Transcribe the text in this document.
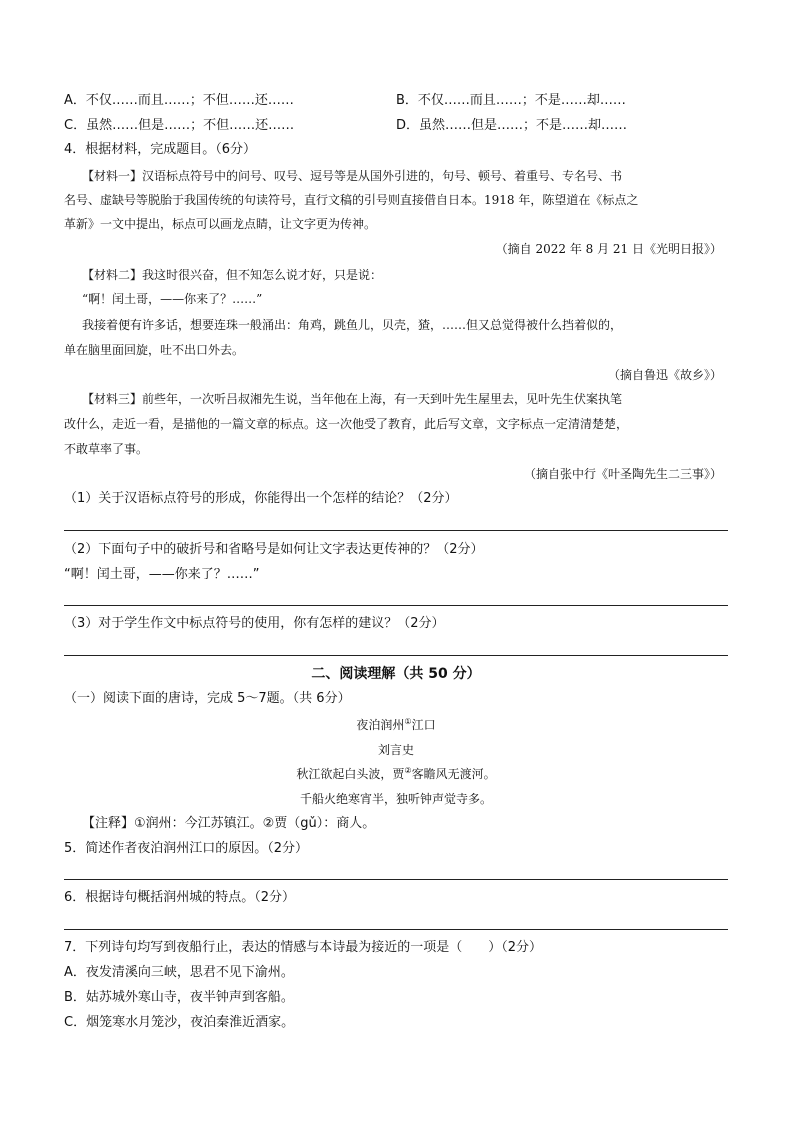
A．不仅……而且……；不但……还……	B．不仅……而且……；不是……却……
C．虽然……但是……；不但……还……	D．虽然……但是……；不是……却……
4．根据材料，完成题目。（6分）
【材料一】汉语标点符号中的问号、叹号、逗号等是从国外引进的，句号、顿号、着重号、专名号、书
名号、虚缺号等脱胎于我国传统的句读符号，直行文稿的引号则直接借自日本。1918 年，陈望道在《标点之
革新》一文中提出，标点可以画龙点睛，让文字更为传神。
（摘自 2022 年 8 月 21 日《光明日报》）
【材料二】我这时很兴奋，但不知怎么说才好，只是说：
“啊！闰土哥，——你来了？……”
我接着便有许多话，想要连珠一般涌出：角鸡，跳鱼儿，贝壳，猹，……但又总觉得被什么挡着似的，
单在脑里面回旋，吐不出口外去。
（摘自鲁迅《故乡》）
【材料三】前些年，一次听吕叔湘先生说，当年他在上海，有一天到叶先生屋里去，见叶先生伏案执笔
改什么，走近一看，是描他的一篇文章的标点。这一次他受了教育，此后写文章，文字标点一定清清楚楚，
不敢草率了事。
（摘自张中行《叶圣陶先生二三事》）
（1）关于汉语标点符号的形成，你能得出一个怎样的结论？（2分）
（2）下面句子中的破折号和省略号是如何让文字表达更传神的？（2分）
“啊！闰土哥，——你来了？……”
（3）对于学生作文中标点符号的使用，你有怎样的建议？（2分）
二、阅读理解（共 50 分）
（一）阅读下面的唐诗，完成 5～7题。（共 6分）
夜泊润州①江口
刘言史
秋江欲起白头波，贾②客瞻风无渡河。
千船火绝寒宵半，独听钟声觉寺多。
【注释】①润州：今江苏镇江。②贾（gǔ）：商人。
5．简述作者夜泊润州江口的原因。（2分）
6．根据诗句概括润州城的特点。（2分）
7．下列诗句均写到夜船行止，表达的情感与本诗最为接近的一项是（　　）（2分）
A．夜发清溪向三峡，思君不见下渝州。
B．姑苏城外寒山寺，夜半钟声到客船。
C．烟笼寒水月笼沙，夜泊秦淮近酒家。
